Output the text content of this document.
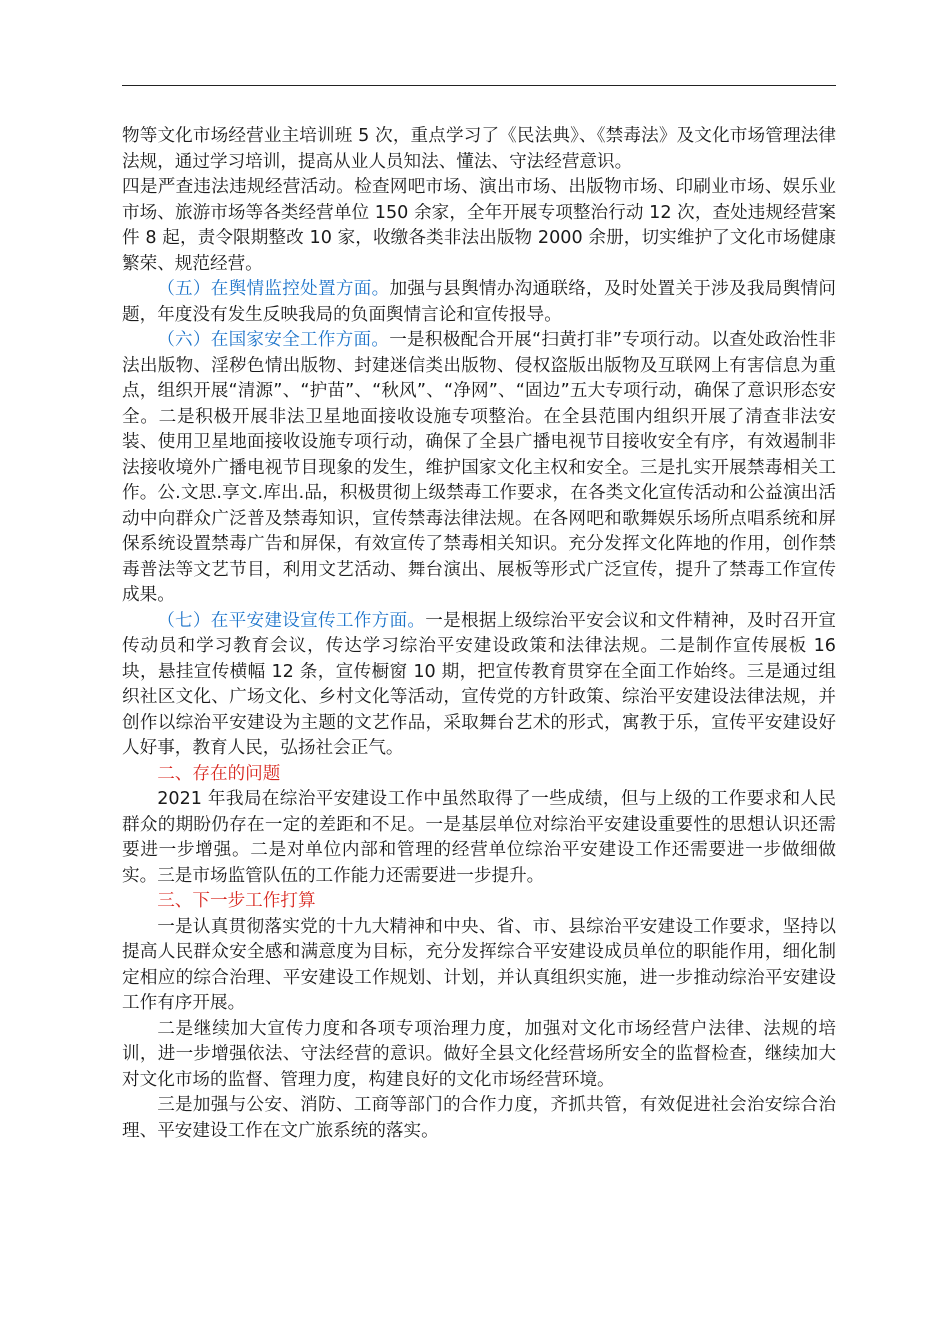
物等文化市场经营业主培训班 5 次，重点学习了《民法典》、《禁毒法》及文化市场管理法律法规，通过学习培训，提高从业人员知法、懂法、守法经营意识。

四是严查违法违规经营活动。检查网吧市场、演出市场、出版物市场、印刷业市场、娱乐业市场、旅游市场等各类经营单位 150 余家，全年开展专项整治行动 12 次，查处违规经营案件 8 起，责令限期整改 10 家，收缴各类非法出版物 2000 余册，切实维护了文化市场健康繁荣、规范经营。

（五）在舆情监控处置方面。加强与县舆情办沟通联络，及时处置关于涉及我局舆情问题，年度没有发生反映我局的负面舆情言论和宣传报导。

（六）在国家安全工作方面。一是积极配合开展“扫黄打非”专项行动。以查处政治性非法出版物、淫秽色情出版物、封建迷信类出版物、侵权盗版出版物及互联网上有害信息为重点，组织开展“清源”、“护苗”、“秋风”、“净网”、“固边”五大专项行动，确保了意识形态安全。二是积极开展非法卫星地面接收设施专项整治。在全县范围内组织开展了清查非法安装、使用卫星地面接收设施专项行动，确保了全县广播电视节目接收安全有序，有效遏制非法接收境外广播电视节目现象的发生，维护国家文化主权和安全。三是扎实开展禁毒相关工作。公.文思.享文.库出.品，积极贯彻上级禁毒工作要求，在各类文化宣传活动和公益演出活动中向群众广泛普及禁毒知识，宣传禁毒法律法规。在各网吧和歌舞娱乐场所点唱系统和屏保系统设置禁毒广告和屏保，有效宣传了禁毒相关知识。充分发挥文化阵地的作用，创作禁毒普法等文艺节目，利用文艺活动、舞台演出、展板等形式广泛宣传，提升了禁毒工作宣传成果。

（七）在平安建设宣传工作方面。一是根据上级综治平安会议和文件精神，及时召开宣传动员和学习教育会议，传达学习综治平安建设政策和法律法规。二是制作宣传展板 16 块，悬挂宣传横幅 12 条，宣传橱窗 10 期，把宣传教育贯穿在全面工作始终。三是通过组织社区文化、广场文化、乡村文化等活动，宣传党的方针政策、综治平安建设法律法规，并创作以综治平安建设为主题的文艺作品，采取舞台艺术的形式，寓教于乐，宣传平安建设好人好事，教育人民，弘扬社会正气。

二、存在的问题

2021 年我局在综治平安建设工作中虽然取得了一些成绩，但与上级的工作要求和人民群众的期盼仍存在一定的差距和不足。一是基层单位对综治平安建设重要性的思想认识还需要进一步增强。二是对单位内部和管理的经营单位综治平安建设工作还需要进一步做细做实。三是市场监管队伍的工作能力还需要进一步提升。

三、下一步工作打算

一是认真贯彻落实党的十九大精神和中央、省、市、县综治平安建设工作要求，坚持以提高人民群众安全感和满意度为目标，充分发挥综合平安建设成员单位的职能作用，细化制定相应的综合治理、平安建设工作规划、计划，并认真组织实施，进一步推动综治平安建设工作有序开展。

二是继续加大宣传力度和各项专项治理力度，加强对文化市场经营户法律、法规的培训，进一步增强依法、守法经营的意识。做好全县文化经营场所安全的监督检查，继续加大对文化市场的监督、管理力度，构建良好的文化市场经营环境。

三是加强与公安、消防、工商等部门的合作力度，齐抓共管，有效促进社会治安综合治理、平安建设工作在文广旅系统的落实。
